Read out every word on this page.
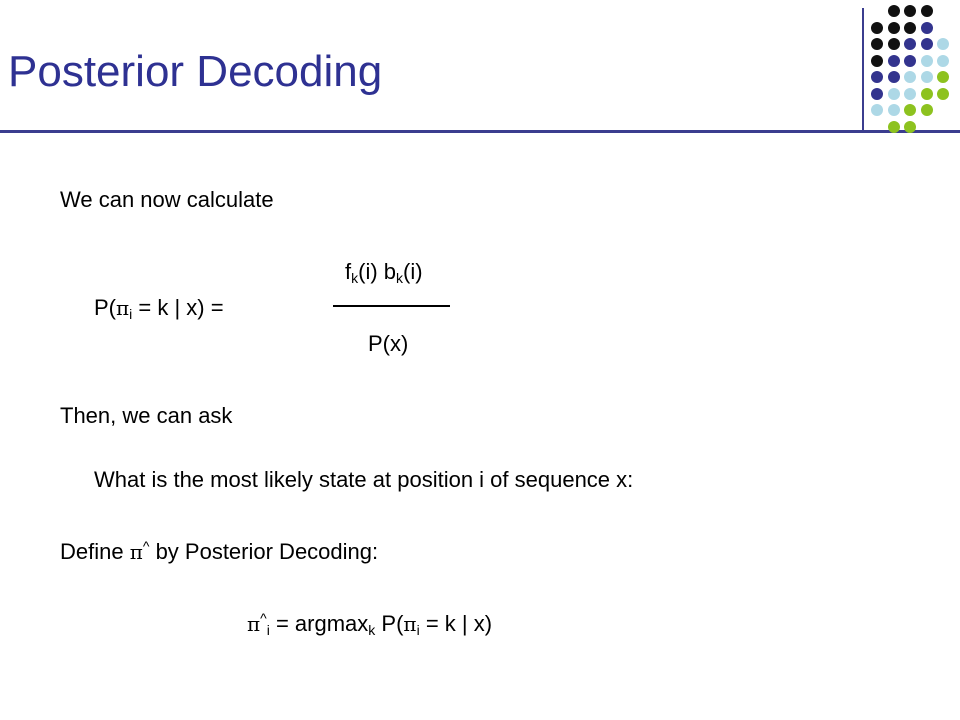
Posterior Decoding
We can now calculate
$f_k(i)$ $b_k(i)$
$P(\pi_i = k$ | x) =
P(x)
Then, we can ask
What is the most likely state at position i of sequence x:
Define π^ by Posterior Decoding:
$\pi^{\^{}}_i = argmax_k$ $P(\pi_i = k$ | x)
